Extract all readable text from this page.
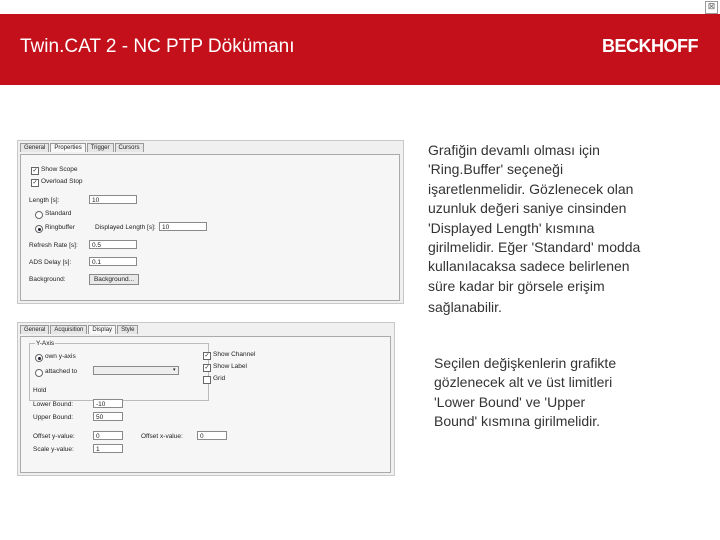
⊠
Twin.CAT 2 - NC PTP Dökümanı	BECKHOFF
General	Properties	Trigger	Cursors
✓ Show Scope
✓ Overload Stop
Length [s]:	10
Standard
Ringbuffer	Displayed Length [s]: 10
Refresh Rate [s]:	0.5
ADS Delay [s]:	0.1
Background:	Background...
General	Acquisition	Display	Style
Y-Axis
own y-axis
attached to	▾
Hold
Lower Bound:	-10
Upper Bound:	50
Offset y-value:	0	Offset x-value:	0
Scale y-value:	1
✓ Show Channel
✓ Show Label
Grid
Grafiğin devamlı olması için
'Ring.Buffer' seçeneği
işaretlenmelidir. Gözlenecek olan
uzunluk değeri saniye cinsinden
'Displayed Length' kısmına
girilmelidir. Eğer 'Standard' modda
kullanılacaksa sadece belirlenen
süre kadar bir görsele erişim
sağlanabilir.
Seçilen değişkenlerin grafikte
gözlenecek alt ve üst limitleri
'Lower Bound' ve 'Upper
Bound' kısmına girilmelidir.
